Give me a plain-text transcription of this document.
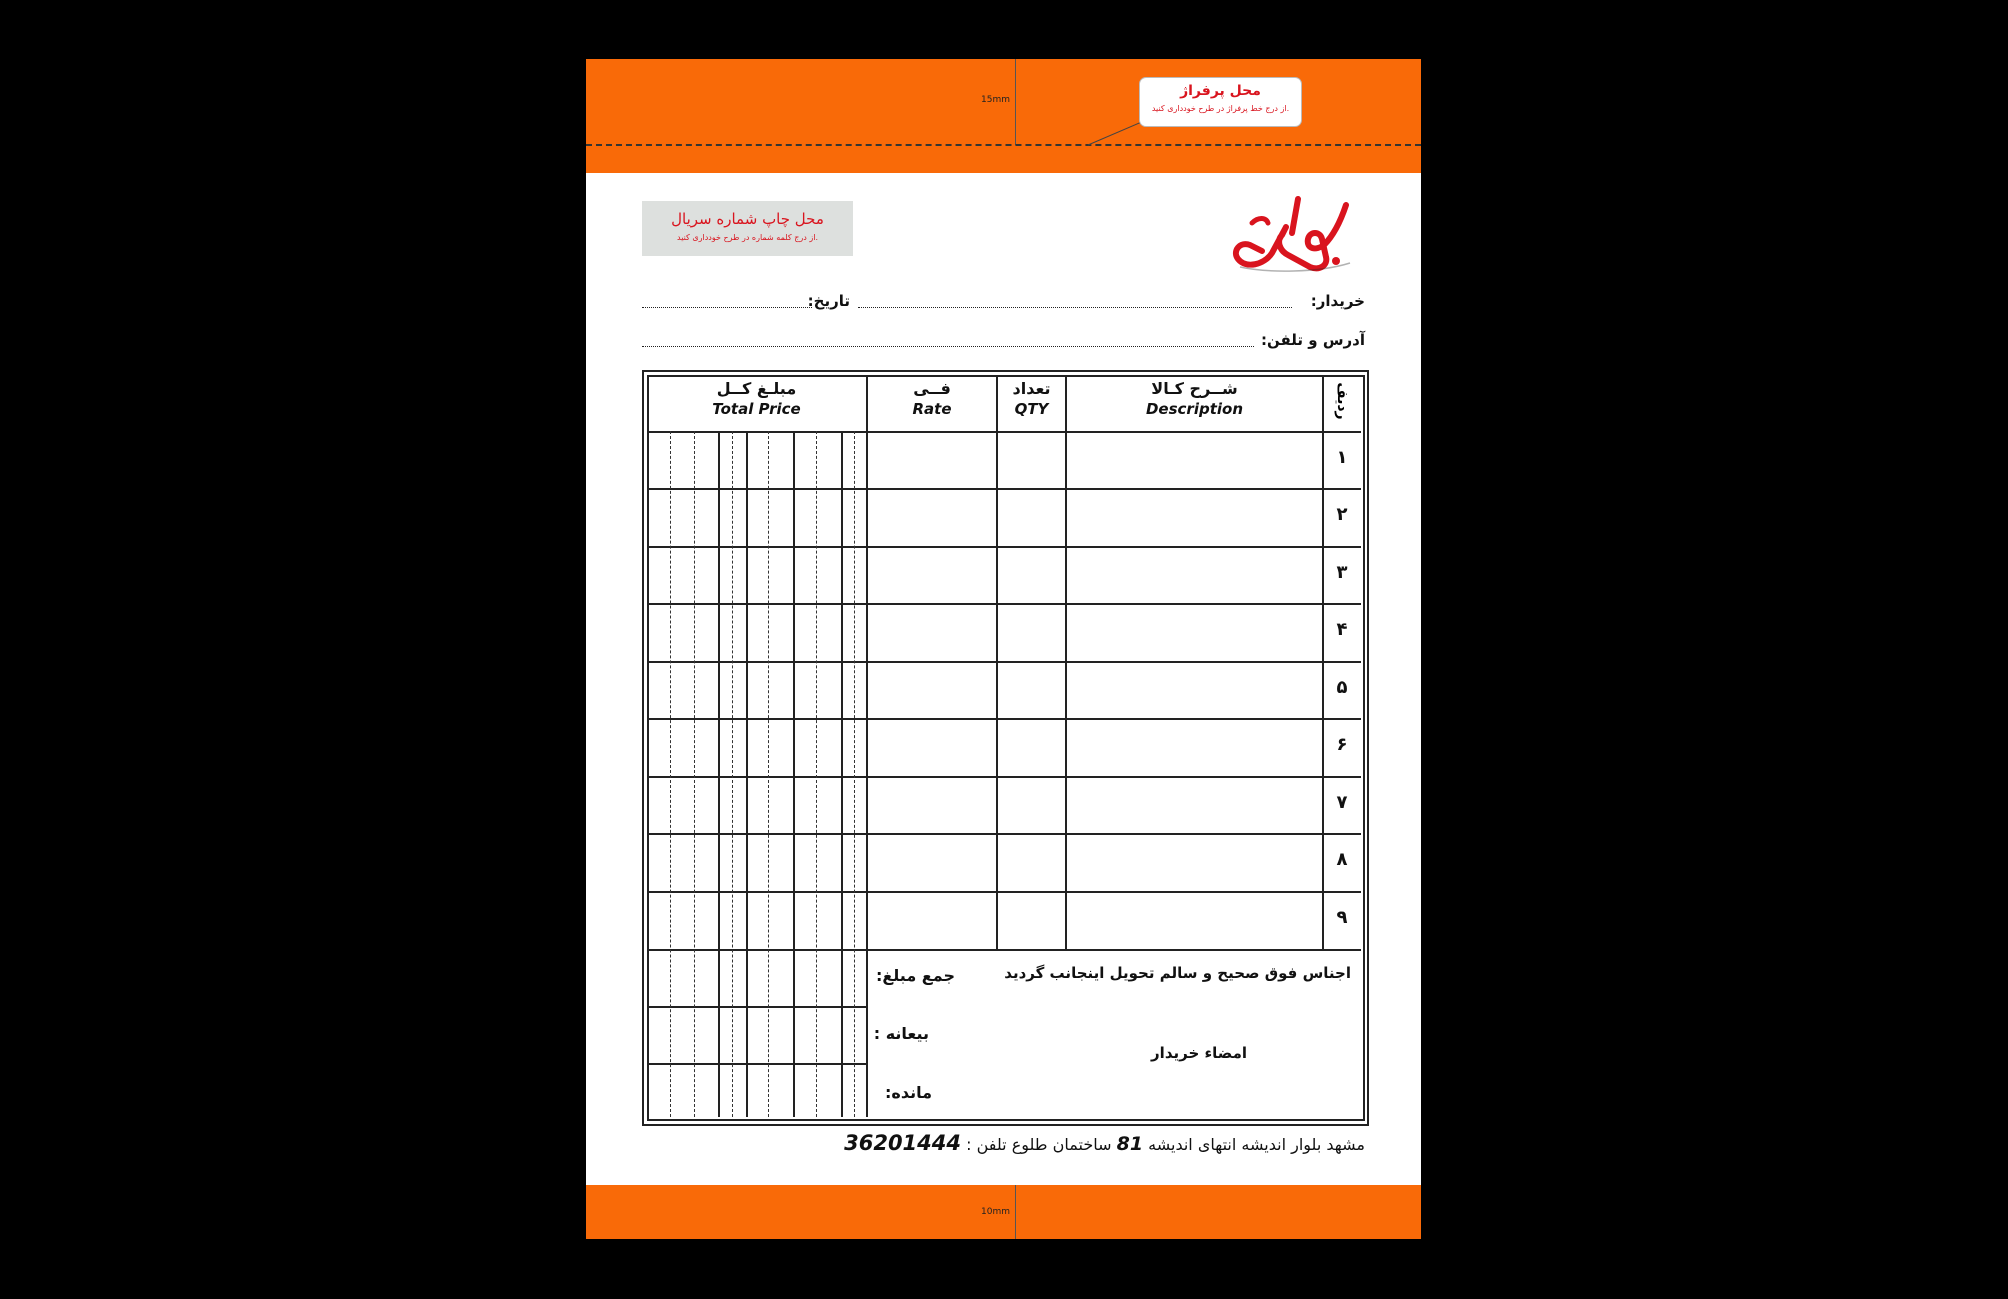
15mm
محل پرفراژ
از درج خط پرفراژ در طرح خودداری کنید.
محل چاپ شماره سریال
از درج کلمه شماره در طرح خودداری کنید.
خریدار:
تاریخ:
آدرس و تلفن:
مبلـغ کــل
Total Price
فــی
Rate
تعداد
QTY
شــرح کـالا
Description	ردیف
۱
۲
۳
۴
۵
۶
۷
۸
۹
اجناس فوق صحیح و سالم تحویل اینجانب گردید
جمع مبلغ:
بیعانه :
مانده:
امضاء خریدار
مشهد بلوار اندیشه انتهای اندیشه 81 ساختمان طلوع تلفن : 36201444
10mm
